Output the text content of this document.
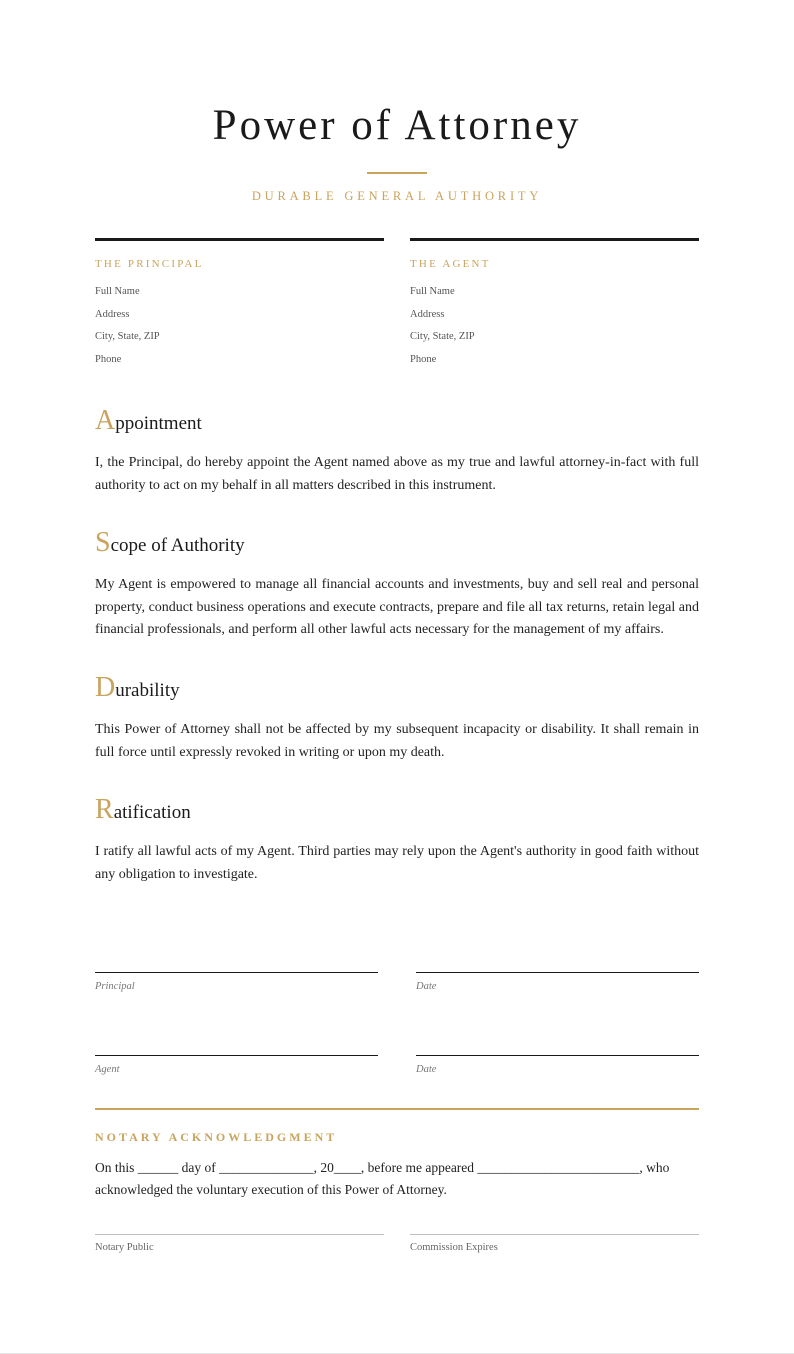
Power of Attorney
DURABLE GENERAL AUTHORITY
THE PRINCIPAL
Full Name
Address
City, State, ZIP
Phone
THE AGENT
Full Name
Address
City, State, ZIP
Phone
Appointment

I, the Principal, do hereby appoint the Agent named above as my true and lawful attorney-in-fact with full authority to act on my behalf in all matters described in this instrument.

Scope of Authority

My Agent is empowered to manage all financial accounts and investments, buy and sell real and personal property, conduct business operations and execute contracts, prepare and file all tax returns, retain legal and financial professionals, and perform all other lawful acts necessary for the management of my affairs.

Durability

This Power of Attorney shall not be affected by my subsequent incapacity or disability. It shall remain in full force until expressly revoked in writing or upon my death.

Ratification

I ratify all lawful acts of my Agent. Third parties may rely upon the Agent's authority in good faith without any obligation to investigate.

Principal	Date
Agent	Date
NOTARY ACKNOWLEDGMENT

On this ______ day of ______________, 20____, before me appeared ________________________, who acknowledged the voluntary execution of this Power of Attorney.

Notary Public	Commission Expires
